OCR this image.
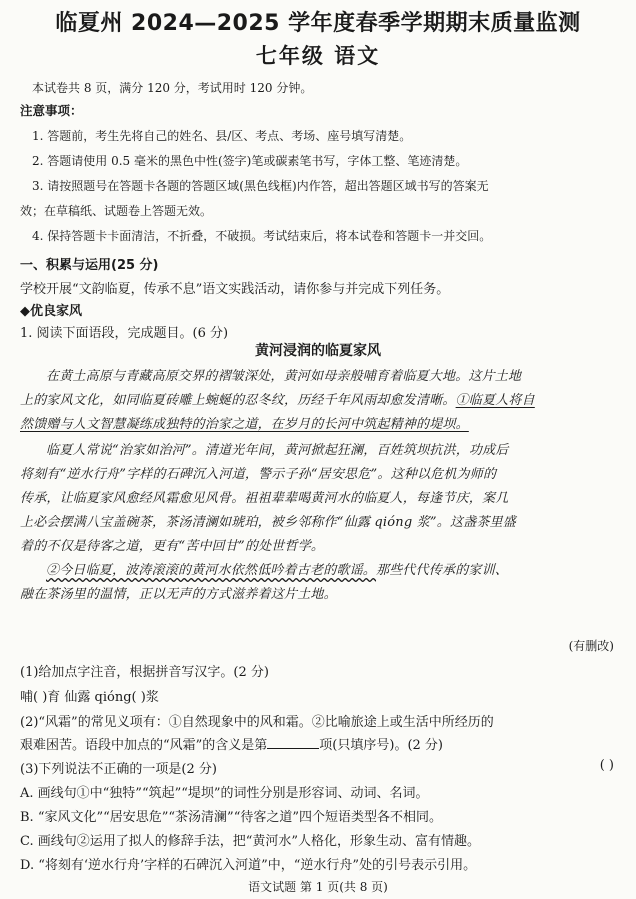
临夏州 2024—2025 学年度春季学期期末质量监测
七年级 语文
本试卷共 8 页，满分 120 分，考试用时 120 分钟。
注意事项：
1. 答题前，考生先将自己的姓名、县/区、考点、考场、座号填写清楚。
2. 答题请使用 0.5 毫米的黑色中性(签字)笔或碳素笔书写，字体工整、笔迹清楚。
3. 请按照题号在答题卡各题的答题区域(黑色线框)内作答，超出答题区域书写的答案无
效；在草稿纸、试题卷上答题无效。
4. 保持答题卡卡面清洁，不折叠，不破损。考试结束后，将本试卷和答题卡一并交回。
一、积累与运用(25 分)
学校开展“文韵临夏，传承不息”语文实践活动，请你参与并完成下列任务。
◆优良家风
1. 阅读下面语段，完成题目。(6 分)
黄河浸润的临夏家风
在黄土高原与青藏高原交界的褶皱深处，黄河如母亲般哺育着临夏大地。这片土地
上的家风文化，如同临夏砖雕上蜿蜒的忍冬纹，历经千年风雨却愈发清晰。①临夏人将自
然馈赠与人文智慧凝练成独特的治家之道，在岁月的长河中筑起精神的堤坝。
临夏人常说“治家如治河”。清道光年间，黄河掀起狂澜，百姓筑坝抗洪，功成后
将刻有“逆水行舟”字样的石碑沉入河道，警示子孙“居安思危”。这种以危机为师的
传承，让临夏家风愈经风霜愈见风骨。祖祖辈辈喝黄河水的临夏人，每逢节庆，案几
上必会摆满八宝盖碗茶，茶汤清澜如琥珀，被乡邻称作“仙露 qióng 浆”。这盏茶里盛
着的不仅是待客之道，更有“苦中回甘”的处世哲学。
②今日临夏，波涛滚滚的黄河水依然低吟着古老的歌谣。那些代代传承的家训、
融在茶汤里的温情，正以无声的方式滋养着这片土地。
(有删改)
(1)给加点字注音，根据拼音写汉字。(2 分)
哺( )育 仙露 qióng( )浆
(2)“风霜”的常见义项有：①自然现象中的风和霜。②比喻旅途上或生活中所经历的
艰难困苦。语段中加点的“风霜”的含义是第	项(只填序号)。(2 分)
(3)下列说法不正确的一项是(2 分)	( )
A. 画线句①中“独特”“筑起”“堤坝”的词性分别是形容词、动词、名词。
B. “家风文化”“居安思危”“茶汤清澜”“待客之道”四个短语类型各不相同。
C. 画线句②运用了拟人的修辞手法，把“黄河水”人格化，形象生动、富有情趣。
D. “将刻有‘逆水行舟’字样的石碑沉入河道”中，“逆水行舟”处的引号表示引用。
语文试题 第 1 页(共 8 页)
